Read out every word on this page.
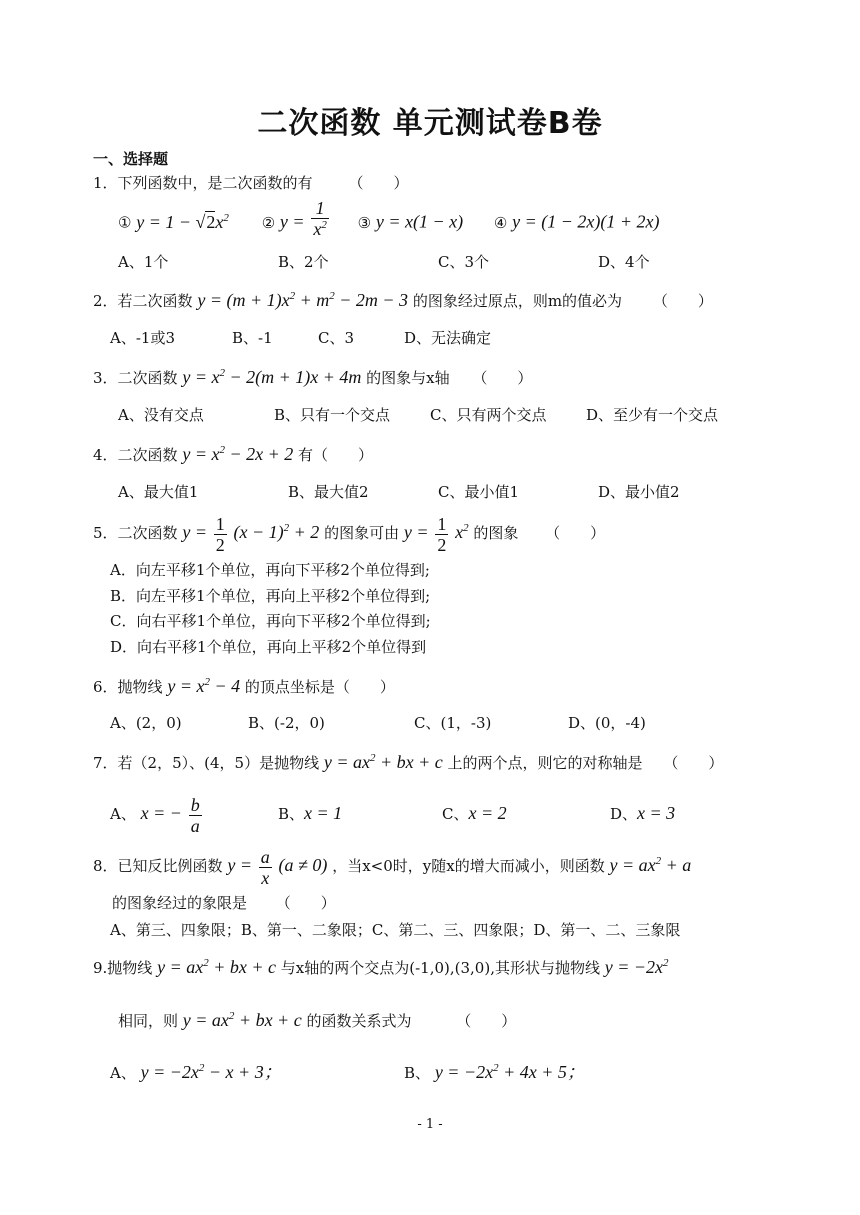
二次函数 单元测试卷B卷
一、选择题
1．下列函数中，是二次函数的有 （　　）
① $y = 1 - √2x^2$ ② $y = \frac{1}{x^2}$ ③ y = x(1 − x) ④ y = (1 − 2x)(1 + 2x)
A、1个	B、2个	C、3个	D、4个
2．若二次函数 $y = (m + 1)x^2 + m^2 - 2m - 3$ 的图象经过原点，则m的值必为 （　　）
A、-1或3	B、-1	C、3	D、无法确定
3．二次函数 $y = x^2 - 2(m + 1)x + 4m$ 的图象与x轴 （　　）
A、没有交点	B、只有一个交点	C、只有两个交点	D、至少有一个交点
4．二次函数 $y = x^2 - 2x + 2$ 有（　　）
A、最大值1	B、最大值2	C、最小值1	D、最小值2
5．二次函数 $y = \frac{1}{2} (x - 1)^2 + 2$ 的图象可由 $y = \frac{1}{2} x^2$ 的图象 （　　）
A．向左平移1个单位，再向下平移2个单位得到;
B．向左平移1个单位，再向上平移2个单位得到;
C．向右平移1个单位，再向下平移2个单位得到;
D．向右平移1个单位，再向上平移2个单位得到
6．抛物线 $y = x^2 - 4$ 的顶点坐标是（　　）
A、(2，0)	B、(-2，0)	C、(1，-3)	D、(0，-4)
7．若（2，5）、(4，5）是抛物线 $y = ax^2$ + bx + c 上的两个点，则它的对称轴是 （　　）
A、 x = − $\frac{b}{a}$	B、x = 1	C、x = 2	D、x = 3
8．已知反比例函数 $y = \frac{a}{x} (a \ne 0)$ ，当x<0时，y随x的增大而减小，则函数 $y = ax^2 + a$
的图象经过的象限是 （　　）
A、第三、四象限；B、第一、二象限；C、第二、三、四象限；D、第一、二、三象限
9.抛物线 $y = ax^2$ + bx + c 与x轴的两个交点为(-1,0),(3,0),其形状与抛物线 $y = -2x^2$
相同，则 $y = ax^2$ + bx + c 的函数关系式为	（　　）
A、 $y = -2x^2 - x + 3$；	B、 $y = -2x^2 + 4x + 5$；
- 1 -
